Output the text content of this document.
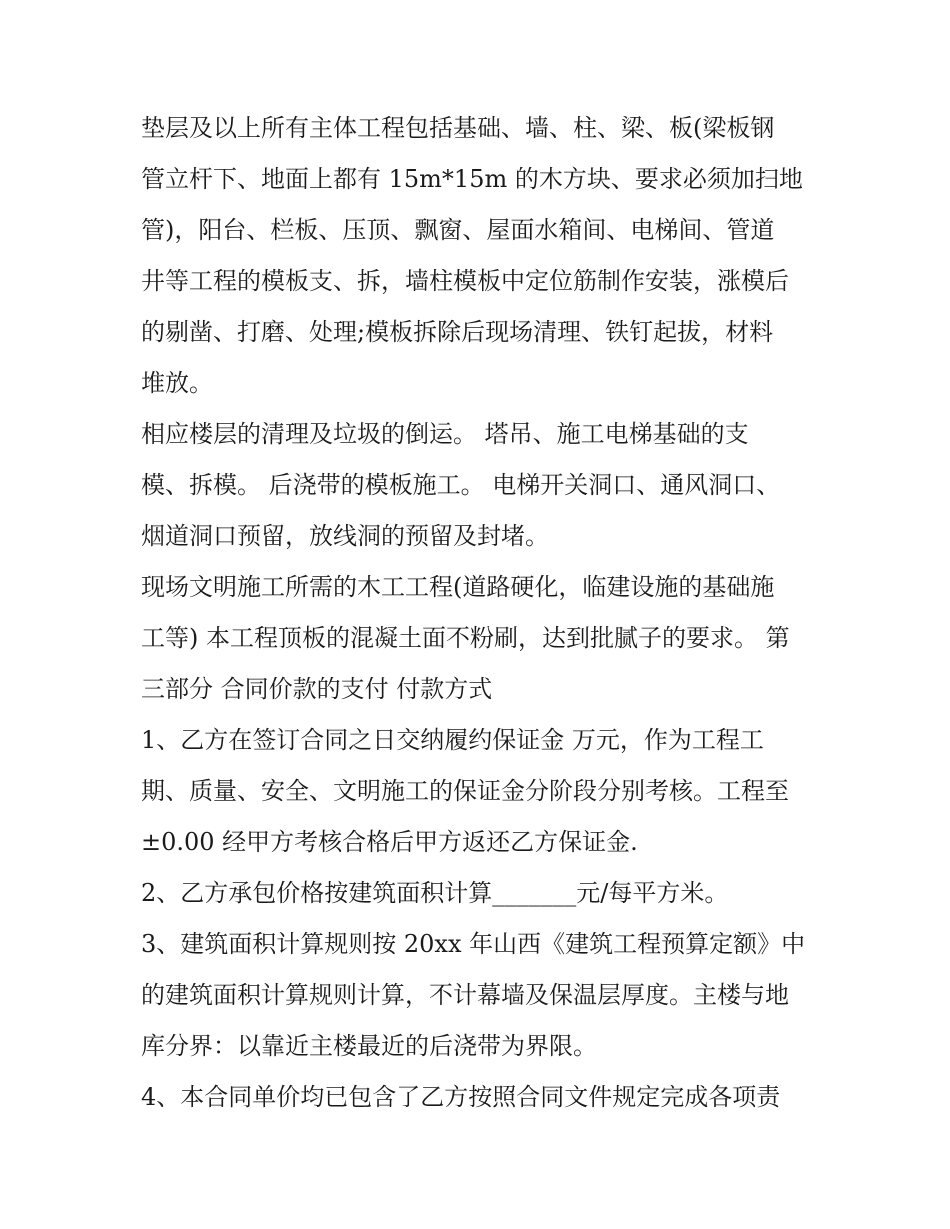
垫层及以上所有主体工程包括基础、墙、柱、梁、板(梁板钢
管立杆下、地面上都有 15m*15m 的木方块、要求必须加扫地
管)，阳台、栏板、压顶、飘窗、屋面水箱间、电梯间、管道
井等工程的模板支、拆，墙柱模板中定位筋制作安装，涨模后
的剔凿、打磨、处理;模板拆除后现场清理、铁钉起拔，材料
堆放。
相应楼层的清理及垃圾的倒运。 塔吊、施工电梯基础的支
模、拆模。 后浇带的模板施工。 电梯开关洞口、通风洞口、
烟道洞口预留，放线洞的预留及封堵。
现场文明施工所需的木工工程(道路硬化，临建设施的基础施
工等) 本工程顶板的混凝土面不粉刷，达到批腻子的要求。 第
三部分 合同价款的支付 付款方式
1、乙方在签订合同之日交纳履约保证金 万元，作为工程工
期、质量、安全、文明施工的保证金分阶段分别考核。工程至
±0.00 经甲方考核合格后甲方返还乙方保证金.
2、乙方承包价格按建筑面积计算_______元/每平方米。
3、建筑面积计算规则按 20xx 年山西《建筑工程预算定额》中
的建筑面积计算规则计算，不计幕墙及保温层厚度。主楼与地
库分界：以靠近主楼最近的后浇带为界限。
4、本合同单价均已包含了乙方按照合同文件规定完成各项责
